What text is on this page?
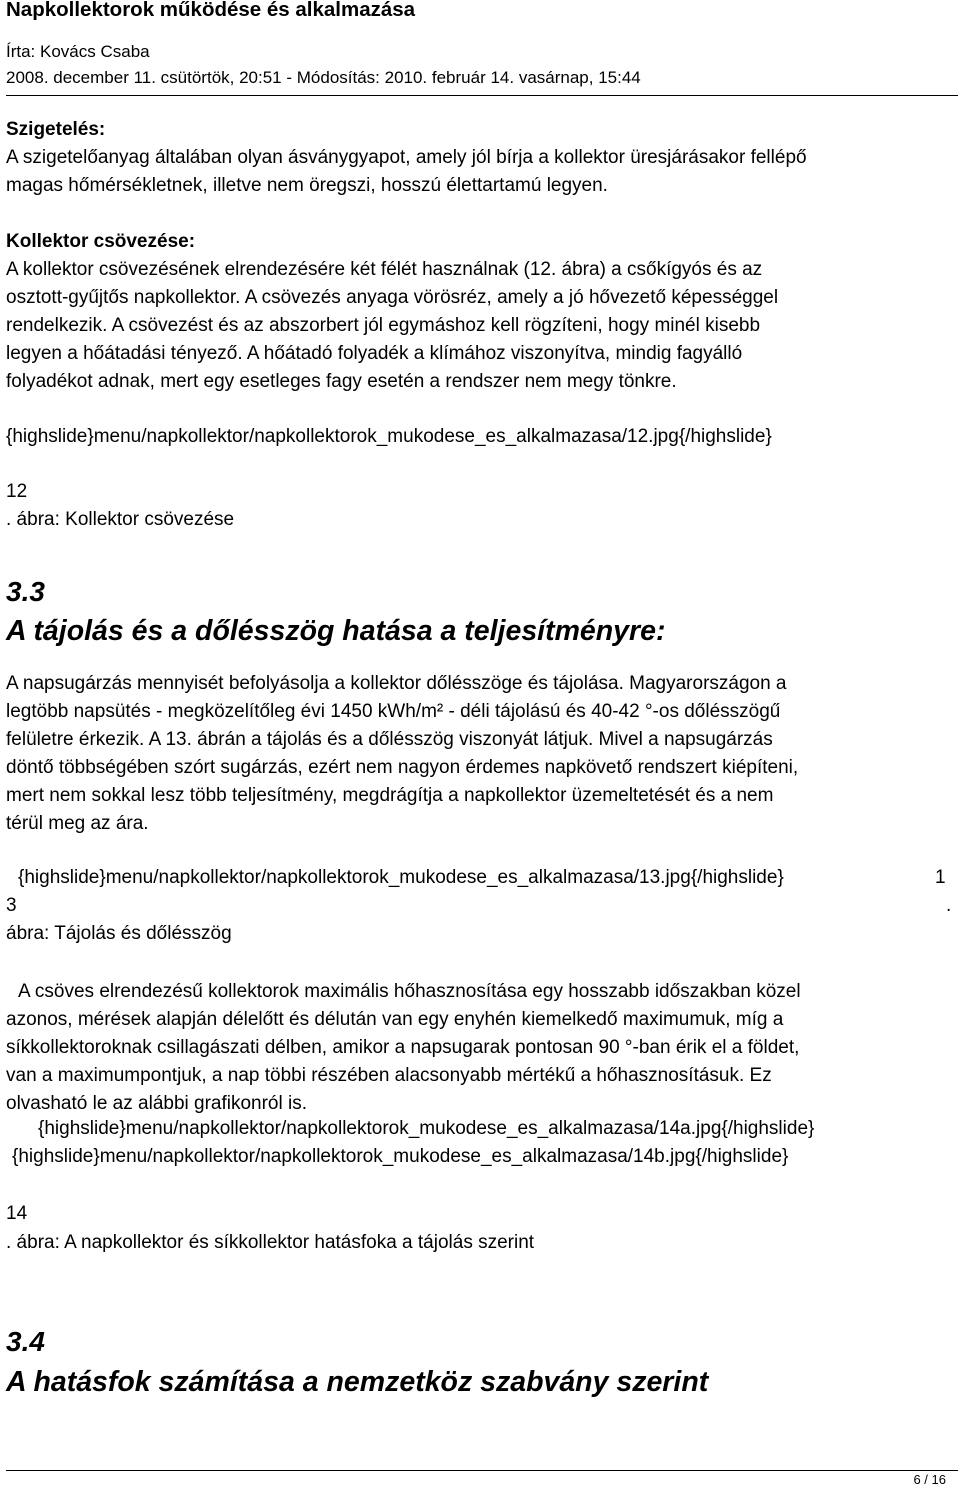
Napkollektorok működése és alkalmazása
Írta: Kovács Csaba
2008. december 11. csütörtök, 20:51 - Módosítás: 2010. február 14. vasárnap, 15:44

Szigetelés:

A szigetelőanyag általában olyan ásványgyapot, amely jól bírja a kollektor üresjárásakor fellépő

magas hőmérsékletnek, illetve nem öregszi, hosszú élettartamú legyen.

Kollektor csövezése:

A kollektor csövezésének elrendezésére két félét használnak (12. ábra) a csőkígyós és az

osztott-gyűjtős napkollektor. A csövezés anyaga vörösréz, amely a jó hővezető képességgel

rendelkezik. A csövezést és az abszorbert jól egymáshoz kell rögzíteni, hogy minél kisebb

legyen a hőátadási tényező. A hőátadó folyadék a klímához viszonyítva, mindig fagyálló

folyadékot adnak, mert egy esetleges fagy esetén a rendszer nem megy tönkre.

{highslide}menu/napkollektor/napkollektorok_mukodese_es_alkalmazasa/12.jpg{/highslide}
12
. ábra: Kollektor csövezése
3.3
A tájolás és a dőlésszög hatása a teljesítményre:

A napsugárzás mennyisét befolyásolja a kollektor dőlésszöge és tájolása. Magyarországon a

legtöbb napsütés - megközelítőleg évi 1450 kWh/m² - déli tájolású és 40-42 °-os dőlésszögű

felületre érkezik. A 13. ábrán a tájolás és a dőlésszög viszonyát látjuk. Mivel a napsugárzás

döntő többségében szórt sugárzás, ezért nem nagyon érdemes napkövető rendszert kiépíteni,

mert nem sokkal lesz több teljesítmény, megdrágítja a napkollektor üzemeltetését és a nem

térül meg az ára.

{highslide}menu/napkollektor/napkollektorok_mukodese_es_alkalmazasa/13.jpg{/highslide}	1
3	.
ábra: Tájolás és dőlésszög

A csöves elrendezésű kollektorok maximális hőhasznosítása egy hosszabb időszakban közel

azonos, mérések alapján délelőtt és délután van egy enyhén kiemelkedő maximumuk, míg a

síkkollektoroknak csillagászati délben, amikor a napsugarak pontosan 90 °-ban érik el a földet,

van a maximumpontjuk, a nap többi részében alacsonyabb mértékű a hőhasznosításuk. Ez

olvasható le az alábbi grafikonról is.

{highslide}menu/napkollektor/napkollektorok_mukodese_es_alkalmazasa/14a.jpg{/highslide}
{highslide}menu/napkollektor/napkollektorok_mukodese_es_alkalmazasa/14b.jpg{/highslide}
14
. ábra: A napkollektor és síkkollektor hatásfoka a tájolás szerint
3.4
A hatásfok számítása a nemzetköz szabvány szerint
6 / 16
